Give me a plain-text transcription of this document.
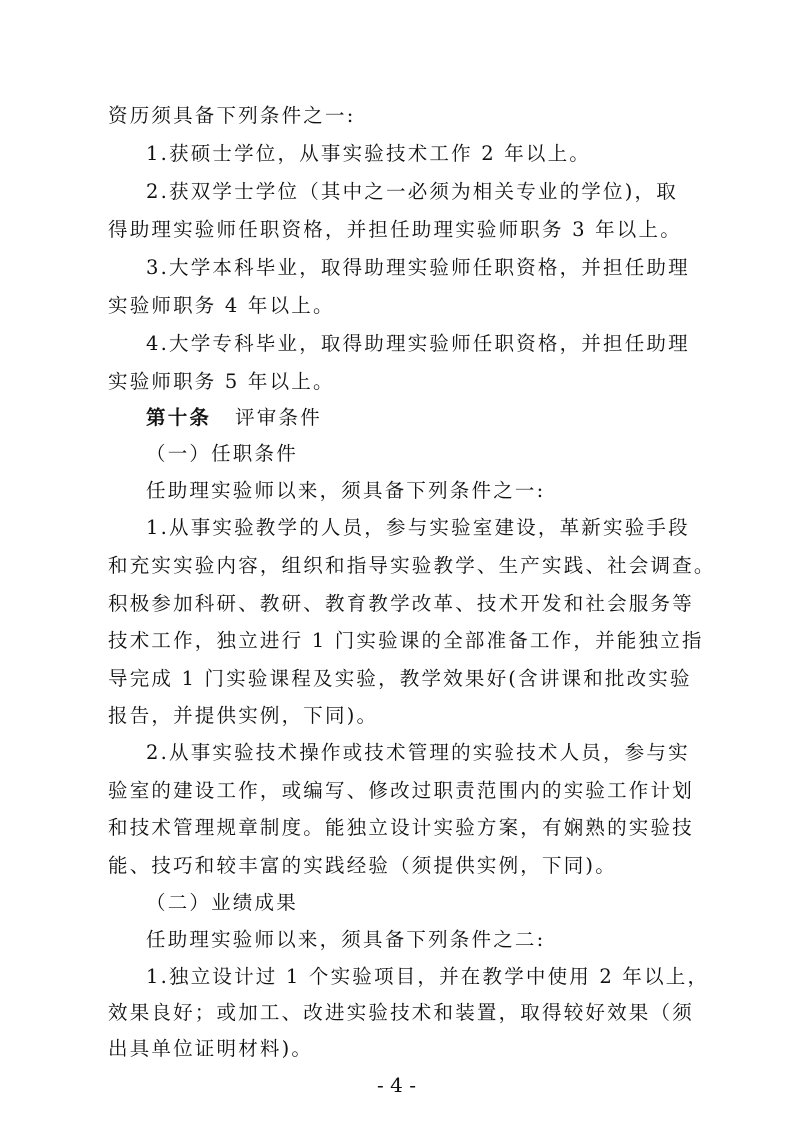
资历须具备下列条件之一:
1.获硕士学位，从事实验技术工作 2 年以上。
2.获双学士学位（其中之一必须为相关专业的学位)，取
得助理实验师任职资格，并担任助理实验师职务 3 年以上。
3.大学本科毕业，取得助理实验师任职资格，并担任助理
实验师职务 4 年以上。
4.大学专科毕业，取得助理实验师任职资格，并担任助理
实验师职务 5 年以上。
第十条 评审条件
（一）任职条件
任助理实验师以来，须具备下列条件之一:
1.从事实验教学的人员，参与实验室建设，革新实验手段
和充实实验内容，组织和指导实验教学、生产实践、社会调查。
积极参加科研、教研、教育教学改革、技术开发和社会服务等
技术工作，独立进行 1 门实验课的全部准备工作，并能独立指
导完成 1 门实验课程及实验，教学效果好(含讲课和批改实验
报告，并提供实例，下同)。
2.从事实验技术操作或技术管理的实验技术人员，参与实
验室的建设工作，或编写、修改过职责范围内的实验工作计划
和技术管理规章制度。能独立设计实验方案，有娴熟的实验技
能、技巧和较丰富的实践经验（须提供实例，下同)。
（二）业绩成果
任助理实验师以来，须具备下列条件之二:
1.独立设计过 1 个实验项目，并在教学中使用 2 年以上，
效果良好；或加工、改进实验技术和装置，取得较好效果（须
出具单位证明材料)。
- 4 -
